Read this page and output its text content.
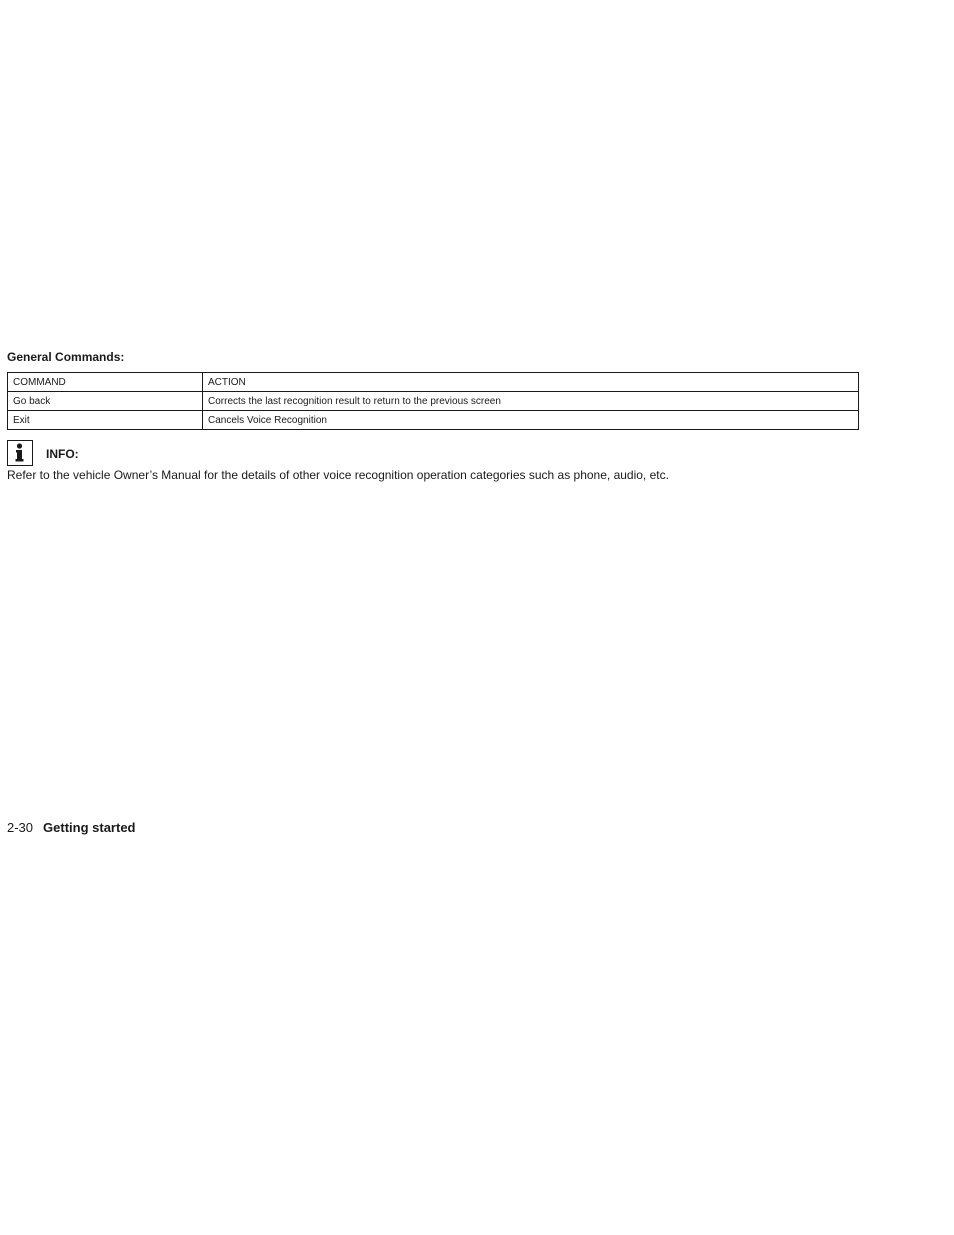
General Commands:
COMMAND	ACTION
Go back	Corrects the last recognition result to return to the previous screen
Exit	Cancels Voice Recognition
INFO:

Refer to the vehicle Owner’s Manual for the details of other voice recognition operation categories such as phone, audio, etc.

2-30 Getting started
